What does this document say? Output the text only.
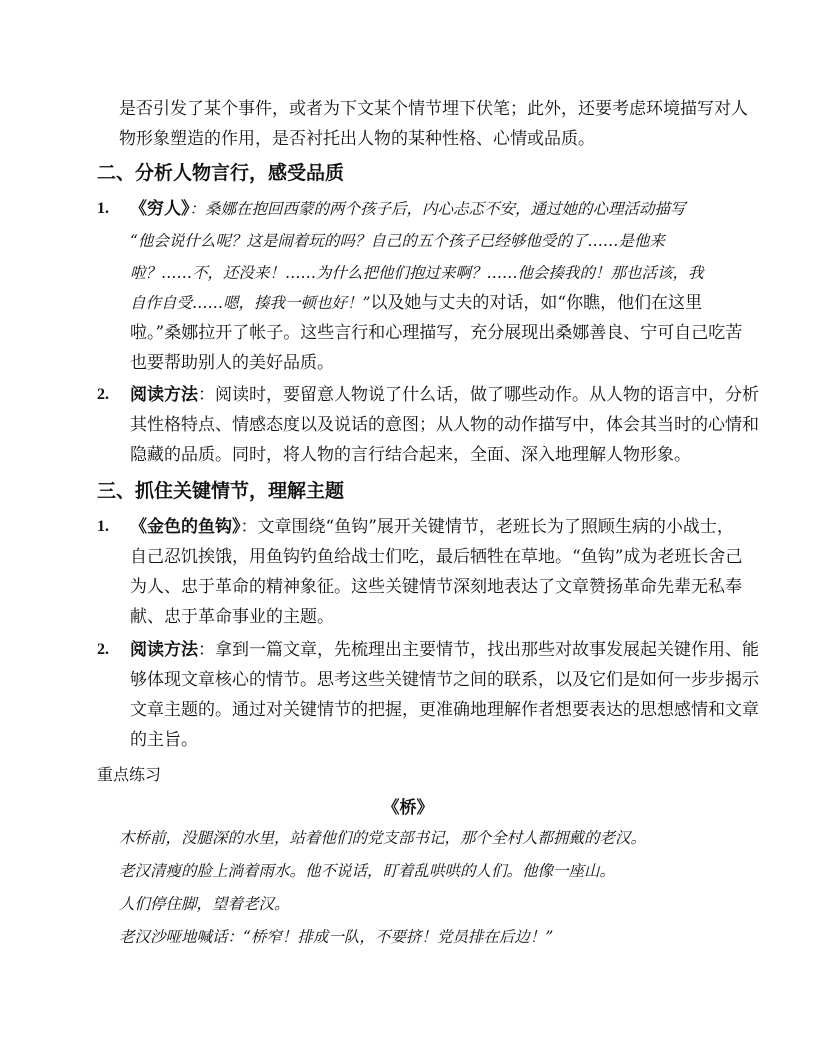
是否引发了某个事件，或者为下文某个情节埋下伏笔；此外，还要考虑环境描写对人
物形象塑造的作用，是否衬托出人物的某种性格、心情或品质。
二、分析人物言行，感受品质
1. 《穷人》：桑娜在抱回西蒙的两个孩子后，内心忐忑不安，通过她的心理活动描写
“他会说什么呢？这是闹着玩的吗？自己的五个孩子已经够他受的了……是他来
啦？……不，还没来！……为什么把他们抱过来啊？……他会揍我的！那也活该，我
自作自受……嗯，揍我一顿也好！”以及她与丈夫的对话，如“你瞧，他们在这里
啦。”桑娜拉开了帐子。这些言行和心理描写，充分展现出桑娜善良、宁可自己吃苦
也要帮助别人的美好品质。
2. 阅读方法：阅读时，要留意人物说了什么话，做了哪些动作。从人物的语言中，分析
其性格特点、情感态度以及说话的意图；从人物的动作描写中，体会其当时的心情和
隐藏的品质。同时，将人物的言行结合起来，全面、深入地理解人物形象。
三、抓住关键情节，理解主题
1. 《金色的鱼钩》：文章围绕“鱼钩”展开关键情节，老班长为了照顾生病的小战士，
自己忍饥挨饿，用鱼钩钓鱼给战士们吃，最后牺牲在草地。“鱼钩”成为老班长舍己
为人、忠于革命的精神象征。这些关键情节深刻地表达了文章赞扬革命先辈无私奉
献、忠于革命事业的主题。
2. 阅读方法：拿到一篇文章，先梳理出主要情节，找出那些对故事发展起关键作用、能
够体现文章核心的情节。思考这些关键情节之间的联系，以及它们是如何一步步揭示
文章主题的。通过对关键情节的把握，更准确地理解作者想要表达的思想感情和文章
的主旨。
重点练习
《桥》
木桥前，没腿深的水里，站着他们的党支部书记，那个全村人都拥戴的老汉。
老汉清瘦的脸上淌着雨水。他不说话，盯着乱哄哄的人们。他像一座山。
人们停住脚，望着老汉。
老汉沙哑地喊话：“桥窄！排成一队，不要挤！党员排在后边！”
